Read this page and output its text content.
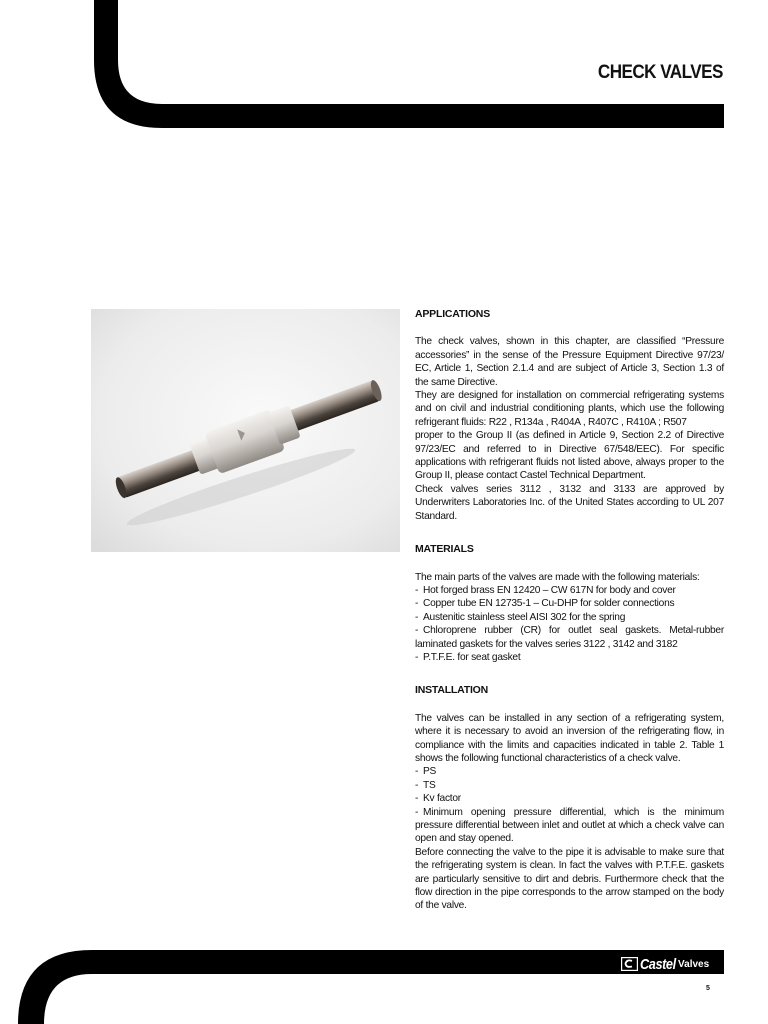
CHECK VALVES
APPLICATIONS

The check valves, shown in this chapter, are classified “Pressure accessories” in the sense of the Pressure Equipment Directive 97/23/ EC, Article 1, Section 2.1.4 and are subject of Article 3, Section 1.3 of the same Directive.

They are designed for installation on commercial refrigerating systems and on civil and industrial conditioning plants, which use the following refrigerant fluids: R22 , R134a , R404A , R407C , R410A ; R507

proper to the Group II (as defined in Article 9, Section 2.2 of Directive 97/23/EC and referred to in Directive 67/548/EEC). For specific applications with refrigerant fluids not listed above, always proper to the Group II, please contact Castel Technical Department.

Check valves series 3112 , 3132 and 3133 are approved by Underwriters Laboratories Inc. of the United States according to UL 207 Standard.

MATERIALS

The main parts of the valves are made with the following materials:

- Hot forged brass EN 12420 – CW 617N for body and cover
- Copper tube EN 12735-1 – Cu-DHP for solder connections
- Austenitic stainless steel AISI 302 for the spring
- Chloroprene rubber (CR) for outlet seal gaskets. Metal-rubber laminated gaskets for the valves series 3122 , 3142 and 3182
- P.T.F.E. for seat gasket
INSTALLATION

The valves can be installed in any section of a refrigerating system, where it is necessary to avoid an inversion of the refrigerating flow, in compliance with the limits and capacities indicated in table 2. Table 1 shows the following functional characteristics of a check valve.

- PS
- TS
- Kv factor
- Minimum opening pressure differential, which is the minimum pressure differential between inlet and outlet at which a check valve can open and stay opened.

Before connecting the valve to the pipe it is advisable to make sure that the refrigerating system is clean. In fact the valves with P.T.F.E. gaskets are particularly sensitive to dirt and debris. Furthermore check that the flow direction in the pipe corresponds to the arrow stamped on the body of the valve.

Castel Valves
5
